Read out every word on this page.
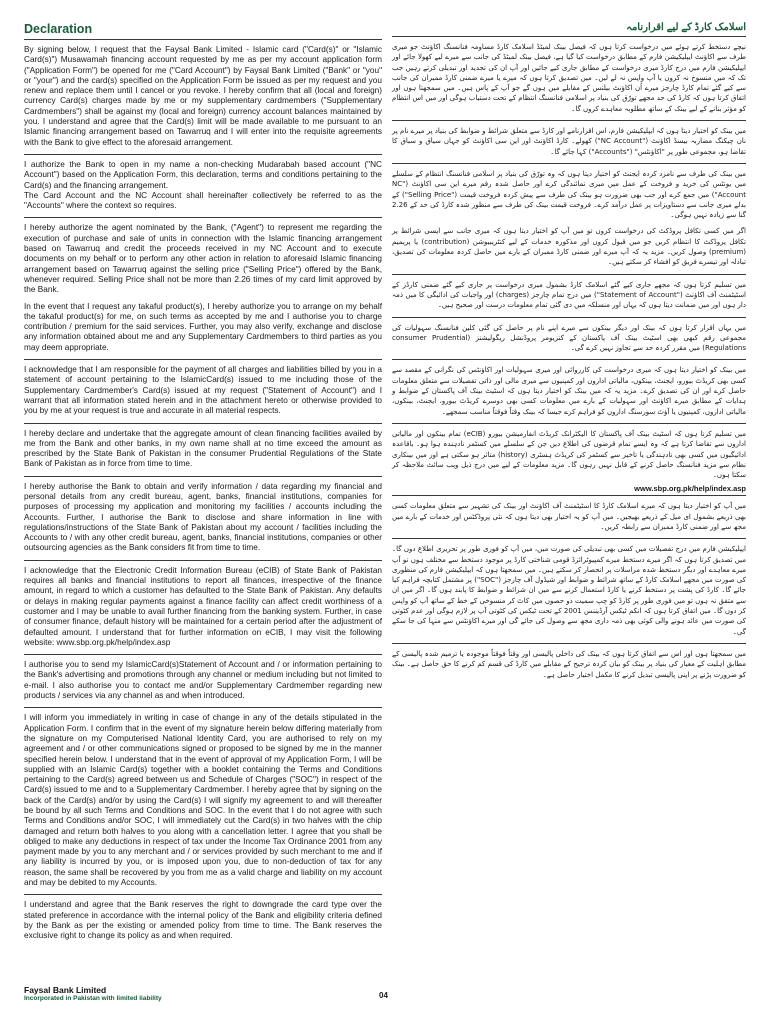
Declaration

By signing below, I request that the Faysal Bank Limited - Islamic card ("Card(s)" or "Islamic Card(s)") Musawamah financing account requested by me as per my account application form ("Application Form") be opened for me ("Card Account") by Faysal Bank Limited ("Bank" or "you" or "your") and the card(s) specified on the Application Form be issued as per my request and you renew and replace them until I cancel or you revoke. I hereby confirm that all (local and foreign) currency Card(s) charges made by me or my supplementary cardmembers ("Supplementary Cardmembers") shall be against my (local and foreign) currency account balances maintained by you. I understand and agree that the Card(s) limit will be made available to me pursuant to an Islamic financing arrangement based on Tawarruq and I will enter into the requisite agreements with the Bank to give effect to the aforesaid arrangement.

I authorize the Bank to open in my name a non-checking Mudarabah based account ("NC Account") based on the Application Form, this declaration, terms and conditions pertaining to the Card(s) and the financing arrangement.
The Card Account and the NC Account shall hereinafter collectively be referred to as the "Accounts" where the context so requires.

I hereby authorize the agent nominated by the Bank, ("Agent") to represent me regarding the execution of purchase and sale of units in connection with the Islamic financing arrangement based on Tawarruq and credit the proceeds received in my NC Account and to execute documents on my behalf or to perform any other action in relation to aforesaid Islamic financing arrangement based on Tawarruq against the selling price ("Selling Price") offered by the Bank, whenever required. Selling Price shall not be more than 2.26 times of my card limit approved by the Bank.

In the event that I request any takaful product(s), I hereby authorize you to arrange on my behalf the takaful product(s) for me, on such terms as accepted by me and I authorise you to charge contribution / premium for the said services. Further, you may also verify, exchange and disclose any information obtained about me and any Supplementary Cardmembers to third parties as you may deem appropriate.

I acknowledge that I am responsible for the payment of all charges and liabilities billed by you in a statement of account pertaining to the IslamicCard(s) issued to me including those of the Supplementary Cardmember's Card(s) issued at my request ("Statement of Account") and I warrant that all information stated herein and in the attachment hereto or otherwise provided to you by me at your request is true and accurate in all material respects.

I hereby declare and undertake that the aggregate amount of clean financing facilities availed by me from the Bank and other banks, in my own name shall at no time exceed the amount as prescribed by the State Bank of Pakistan in the consumer Prudential Regulations of the State Bank of Pakistan as in force from time to time.

I hereby authorise the Bank to obtain and verify information / data regarding my financial and personal details from any credit bureau, agent, banks, financial institutions, companies for purposes of processing my application and monitoring my facilities / accounts including the Accounts. Further, I authorise the Bank to disclose and share information in line with regulations/instructions of the State Bank of Pakistan about my account / facilities including the Accounts to / with any other credit bureau, agent, banks, financial institutions, companies or other outsourcing agencies as the Bank considers fit from time to time.

I acknowledge that the Electronic Credit Information Bureau (eCIB) of State Bank of Pakistan requires all banks and financial institutions to report all finances, irrespective of the finance amount, in regard to which a customer has defaulted to the State Bank of Pakistan. Any defaults or delays in making regular payments against a finance facility can affect credit worthiness of a customer and I may be unable to avail further financing from the banking system. Further, in case of consumer finance, default history will be maintained for a certain period after the adjustment of defaulted amount. I understand that for further information on eCIB, I may visit the following website: www.sbp.org.pk/help/index.asp

I authorise you to send my IslamicCard(s)Statement of Account and / or information pertaining to the Bank's advertising and promotions through any channel or medium including but not limited to e-mail. I also authorise you to contact me and/or Supplementary Cardmember regarding new products / services via any channel as and when introduced.

I will inform you immediately in writing in case of change in any of the details stipulated in the Application Form. I confirm that in the event of my signature herein below differing materially from the signature on my Computerised National Identity Card, you are authorised to rely on my agreement and / or other communications signed or proposed to be signed by me in the manner specified herein below. I understand that in the event of approval of my Application Form, I will be supplied with an Islamic Card(s) together with a booklet containing the Terms and Conditions pertaining to the Card(s) agreed between us and Schedule of Charges ("SOC") in respect of the Card(s) issued to me and to a Supplementary Cardmember. I hereby agree that by signing on the back of the Card(s) and/or by using the Card(s) I will signify my agreement to and will thereafter be bound by all such Terms and Conditions and SOC. In the event that I do not agree with such Terms and Conditions and/or SOC, I will immediately cut the Card(s) in two halves with the chip damaged and return both halves to you along with a cancellation letter. I agree that you shall be obliged to make any deductions in respect of tax under the Income Tax Ordinance 2001 from any payment made by you to any merchant and / or services provided by such merchant to me and if any liability is incurred by you, or is imposed upon you, due to non-deduction of tax for any reason, the same shall be recovered by you from me as a valid charge and liability on my account and may be debited to my Accounts.

I understand and agree that the Bank reserves the right to downgrade the card type over the stated preference in accordance with the internal policy of the Bank and eligibility criteria defined by the Bank as per the existing or amended policy from time to time. The Bank reserves the exclusive right to change its policy as and when required.

اسلامک کارڈ کے لیے اقرارنامہ

نیچے دستخط کرتے ہوئے میں درخواست کرتا ہوں کہ فیصل بینک لمیٹڈ اسلامک کارڈ مساومہ فنانسنگ اکاؤنٹ جو میری طرف سے اکاؤنٹ ایپلیکیشن فارم کے مطابق درخواست کیا گیا ہے، فیصل بینک لمیٹڈ کی جانب سے میرے لیے کھولا جائے اور ایپلیکیشن فارم میں درج کارڈ میری درخواست کے مطابق جاری کیے جائیں اور آپ ان کی تجدید اور تبدیلی کرتے رہیں جب تک کہ میں منسوخ نہ کروں یا آپ واپس نہ لے لیں۔ میں تصدیق کرتا ہوں کہ میرے یا میرے ضمنی کارڈ ممبران کی جانب سے کیے گئے تمام کارڈ چارجز میرے اُن اکاؤنٹ بیلنس کے مقابلے میں ہوں گے جو آپ کے پاس ہیں۔ میں سمجھتا ہوں اور اتفاق کرتا ہوں کہ کارڈ کی حد مجھے تورّق کی بنیاد پر اسلامی فنانسنگ انتظام کے تحت دستیاب ہوگی اور میں اس انتظام کو مؤثر بنانے کے لیے بینک کے ساتھ مطلوبہ معاہدے کروں گا۔

میں بینک کو اختیار دیتا ہوں کہ ایپلیکیشن فارم، اس اقرارنامے اور کارڈ سے متعلق شرائط و ضوابط کی بنیاد پر میرے نام پر نان چیکنگ مضاربہ بیسڈ اکاؤنٹ ("NC Account") کھولے۔ کارڈ اکاؤنٹ اور این سی اکاؤنٹ کو جہاں سیاق و سباق کا تقاضا ہو، مجموعی طور پر "اکاؤنٹس" ("Accounts") کہا جائے گا۔

میں بینک کی طرف سے نامزد کردہ ایجنٹ کو اختیار دیتا ہوں کہ وہ تورّق کی بنیاد پر اسلامی فنانسنگ انتظام کے سلسلے میں یونٹس کی خرید و فروخت کے عمل میں میری نمائندگی کرے اور حاصل شدہ رقم میرے این سی اکاؤنٹ ("NC Account") میں جمع کرے اور جب بھی ضرورت ہو بینک کی طرف سے پیش کردہ فروخت قیمت ("Selling Price") کے بدلے میری جانب سے دستاویزات پر عمل درآمد کرے۔ فروخت قیمت بینک کی طرف سے منظور شدہ کارڈ کی حد کے 2.26 گنا سے زیادہ نہیں ہوگی۔

اگر میں کسی تکافل پروڈکٹ کی درخواست کروں تو میں آپ کو اختیار دیتا ہوں کہ میری جانب سے ایسی شرائط پر تکافل پروڈکٹ کا انتظام کریں جو میں قبول کروں اور مذکورہ خدمات کے لیے کنٹریبیوشن (contribution) یا پریمیم (premium) وصول کریں۔ مزید یہ کہ آپ میرے اور ضمنی کارڈ ممبران کے بارے میں حاصل کردہ معلومات کی تصدیق، تبادلہ اور تیسرے فریق کو افشاء کر سکتے ہیں۔

میں تسلیم کرتا ہوں کہ مجھے جاری کیے گئے اسلامک کارڈ بشمول میری درخواست پر جاری کیے گئے ضمنی کارڈز کے اسٹیٹمنٹ آف اکاؤنٹ ("Statement of Account") میں درج تمام چارجز (charges) اور واجبات کی ادائیگی کا میں ذمہ دار ہوں اور میں ضمانت دیتا ہوں کہ یہاں اور منسلکہ میں دی گئی تمام معلومات درست اور صحیح ہیں۔

میں یہاں اقرار کرتا ہوں کہ بینک اور دیگر بینکوں سے میرے اپنے نام پر حاصل کی گئی کلین فنانسنگ سہولیات کی مجموعی رقم کبھی بھی اسٹیٹ بینک آف پاکستان کے کنزیومر پروڈنشل ریگولیشنز (consumer Prudential Regulations) میں مقرر کردہ حد سے تجاوز نہیں کرے گی۔

میں بینک کو اختیار دیتا ہوں کہ میری درخواست کی کارروائی اور میری سہولیات اور اکاؤنٹس کی نگرانی کے مقصد سے کسی بھی کریڈٹ بیورو، ایجنٹ، بینکوں، مالیاتی اداروں اور کمپنیوں سے میری مالی اور ذاتی تفصیلات سے متعلق معلومات حاصل کرے اور ان کی تصدیق کرے۔ مزید یہ کہ میں بینک کو اختیار دیتا ہوں کہ اسٹیٹ بینک آف پاکستان کے ضوابط و ہدایات کے مطابق میرے اکاؤنٹ اور سہولیات کے بارے میں معلومات کسی بھی دوسرے کریڈٹ بیورو، ایجنٹ، بینکوں، مالیاتی اداروں، کمپنیوں یا آؤٹ سورسنگ اداروں کو فراہم کرے جیسا کہ بینک وقتاً فوقتاً مناسب سمجھے۔

میں تسلیم کرتا ہوں کہ اسٹیٹ بینک آف پاکستان کا الیکٹرانک کریڈٹ انفارمیشن بیورو (eCIB) تمام بینکوں اور مالیاتی اداروں سے تقاضا کرتا ہے کہ وہ ایسے تمام قرضوں کی اطلاع دیں جن کے سلسلے میں کسٹمر نادہندہ ہوا ہو۔ باقاعدہ ادائیگیوں میں کسی بھی نادہندگی یا تاخیر سے کسٹمر کی کریڈٹ ہسٹری (history) متاثر ہو سکتی ہے اور میں بینکاری نظام سے مزید فنانسنگ حاصل کرنے کے قابل نہیں رہوں گا۔ مزید معلومات کے لیے میں درج ذیل ویب سائٹ ملاحظہ کر سکتا ہوں۔

www.sbp.org.pk/help/index.asp

میں آپ کو اختیار دیتا ہوں کہ میرے اسلامک کارڈ کا اسٹیٹمنٹ آف اکاؤنٹ اور بینک کی تشہیر سے متعلق معلومات کسی بھی ذریعے بشمول ای میل کے ذریعے بھیجیں۔ میں آپ کو یہ اختیار بھی دیتا ہوں کہ نئی پروڈکٹس اور خدمات کے بارے میں مجھ سے اور ضمنی کارڈ ممبران سے رابطہ کریں۔

ایپلیکیشن فارم میں درج تفصیلات میں کسی بھی تبدیلی کی صورت میں، میں آپ کو فوری طور پر تحریری اطلاع دوں گا۔ میں تصدیق کرتا ہوں کہ اگر میرے دستخط میرے کمپیوٹرائزڈ قومی شناختی کارڈ پر موجود دستخط سے مختلف ہوں تو آپ میرے معاہدے اور دیگر دستخط شدہ مراسلات پر انحصار کر سکتے ہیں۔ میں سمجھتا ہوں کہ ایپلیکیشن فارم کی منظوری کی صورت میں مجھے اسلامک کارڈ کے ساتھ شرائط و ضوابط اور شیڈول آف چارجز ("SOC") پر مشتمل کتابچہ فراہم کیا جائے گا۔ کارڈ کی پشت پر دستخط کرنے یا کارڈ استعمال کرنے سے میں ان شرائط و ضوابط کا پابند ہوں گا۔ اگر میں ان سے متفق نہ ہوں تو میں فوری طور پر کارڈ کو چپ سمیت دو حصوں میں کاٹ کر منسوخی کے خط کے ساتھ آپ کو واپس کر دوں گا۔ میں اتفاق کرتا ہوں کہ انکم ٹیکس آرڈیننس 2001 کے تحت ٹیکس کی کٹوتی آپ پر لازم ہوگی اور عدم کٹوتی کی صورت میں عائد ہونے والی کوئی بھی ذمہ داری مجھ سے وصول کی جائے گی اور میرے اکاؤنٹس سے منہا کی جا سکے گی۔

میں سمجھتا ہوں اور اس سے اتفاق کرتا ہوں کہ بینک کی داخلی پالیسی اور وقتاً فوقتاً موجودہ یا ترمیم شدہ پالیسی کے مطابق اہلیت کے معیار کی بنیاد پر بینک کو بیان کردہ ترجیح کے مقابلے میں کارڈ کی قسم کم کرنے کا حق حاصل ہے۔ بینک کو ضرورت پڑنے پر اپنی پالیسی تبدیل کرنے کا مکمل اختیار حاصل ہے۔

Faysal Bank Limited
Incorporated in Pakistan with limited liability	04
